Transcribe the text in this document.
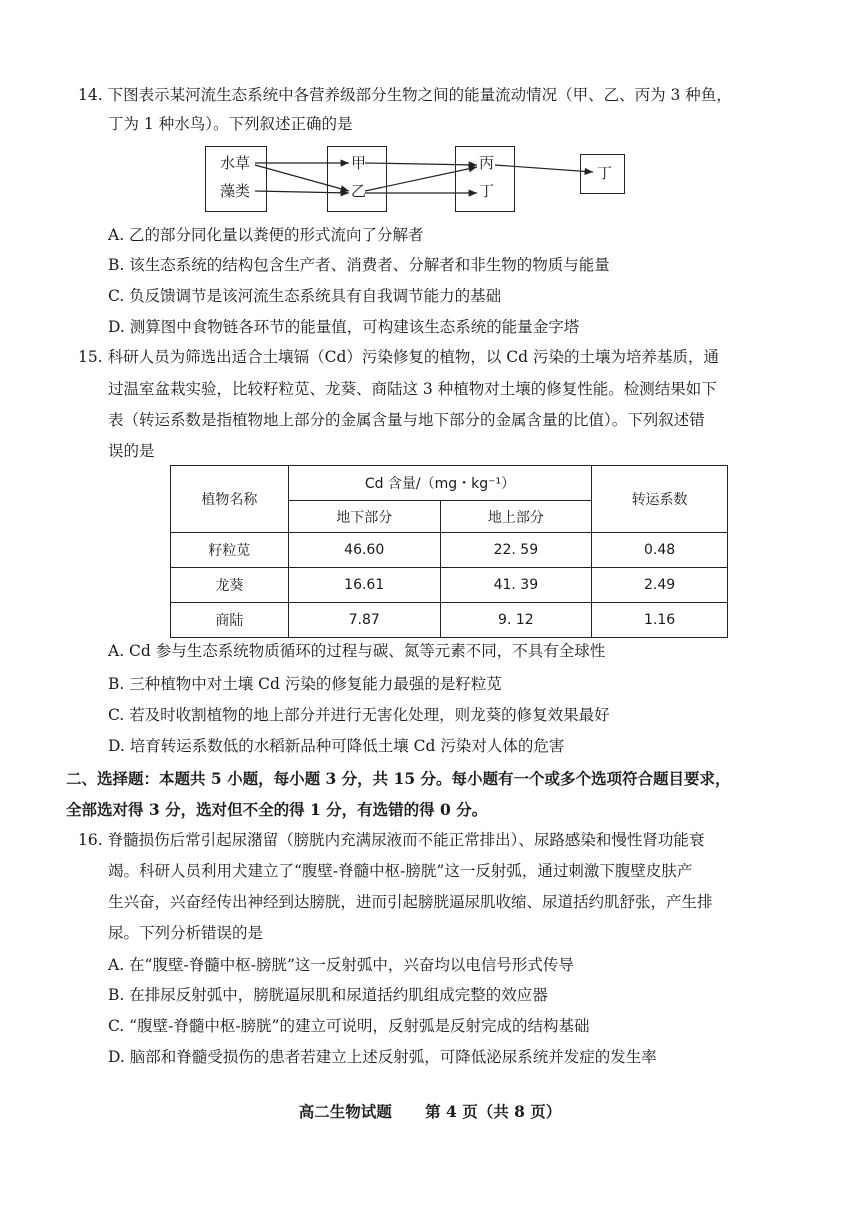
14. 下图表示某河流生态系统中各营养级部分生物之间的能量流动情况（甲、乙、丙为 3 种鱼，
丁为 1 种水鸟）。下列叙述正确的是
水草
藻类
甲
乙
丙
丁
丁
A. 乙的部分同化量以粪便的形式流向了分解者
B. 该生态系统的结构包含生产者、消费者、分解者和非生物的物质与能量
C. 负反馈调节是该河流生态系统具有自我调节能力的基础
D. 测算图中食物链各环节的能量值，可构建该生态系统的能量金字塔
15. 科研人员为筛选出适合土壤镉（Cd）污染修复的植物，以 Cd 污染的土壤为培养基质，通
过温室盆栽实验，比较籽粒苋、龙葵、商陆这 3 种植物对土壤的修复性能。检测结果如下
表（转运系数是指植物地上部分的金属含量与地下部分的金属含量的比值）。下列叙述错
误的是
植物名称	Cd 含量/（mg・kg⁻¹）		转运系数
	地下部分	地上部分	
籽粒苋	46.60	22. 59	0.48
龙葵	16.61	41. 39	2.49
商陆	7.87	9. 12	1.16
A. Cd 参与生态系统物质循环的过程与碳、氮等元素不同，不具有全球性
B. 三种植物中对土壤 Cd 污染的修复能力最强的是籽粒苋
C. 若及时收割植物的地上部分并进行无害化处理，则龙葵的修复效果最好
D. 培育转运系数低的水稻新品种可降低土壤 Cd 污染对人体的危害
二、选择题：本题共 5 小题，每小题 3 分，共 15 分。每小题有一个或多个选项符合题目要求，
全部选对得 3 分，选对但不全的得 1 分，有选错的得 0 分。
16. 脊髓损伤后常引起尿潴留（膀胱内充满尿液而不能正常排出）、尿路感染和慢性肾功能衰
竭。科研人员利用犬建立了“腹壁-脊髓中枢-膀胱”这一反射弧，通过刺激下腹壁皮肤产
生兴奋，兴奋经传出神经到达膀胱，进而引起膀胱逼尿肌收缩、尿道括约肌舒张，产生排
尿。下列分析错误的是
A. 在“腹壁-脊髓中枢-膀胱”这一反射弧中，兴奋均以电信号形式传导
B. 在排尿反射弧中，膀胱逼尿肌和尿道括约肌组成完整的效应器
C. “腹壁-脊髓中枢-膀胱”的建立可说明，反射弧是反射完成的结构基础
D. 脑部和脊髓受损伤的患者若建立上述反射弧，可降低泌尿系统并发症的发生率
高二生物试题 第 4 页（共 8 页）
